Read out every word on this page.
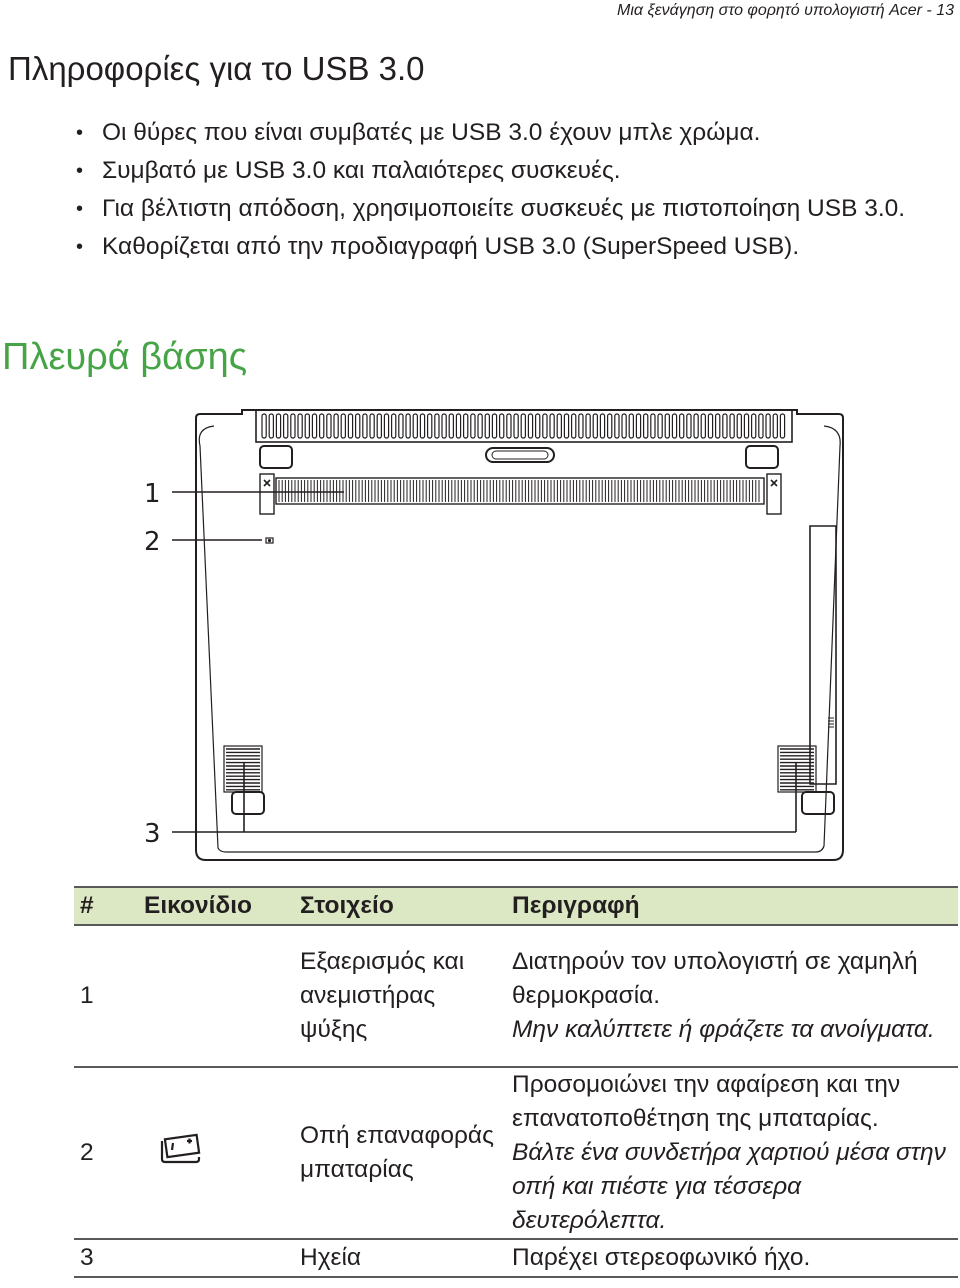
Μια ξενάγηση στο φορητό υπολογιστή Acer - 13
Πληροφορίες για το USB 3.0
• Οι θύρες που είναι συμβατές με USB 3.0 έχουν μπλε χρώμα.
• Συμβατό με USB 3.0 και παλαιότερες συσκευές.
• Για βέλτιστη απόδοση, χρησιμοποιείτε συσκευές με πιστοποίηση USB 3.0.
• Καθορίζεται από την προδιαγραφή USB 3.0 (SuperSpeed USB).
Πλευρά βάσης
1
2
3
#	Εικονίδιο	Στοιχείο	Περιγραφή
1		Εξαερισμός και ανεμιστήρας ψύξης	Διατηρούν τον υπολογιστή σε χαμηλή θερμοκρασία.
Μην καλύπτετε ή φράζετε τα ανοίγματα.

2		Οπή επαναφοράς μπαταρίας	Προσομοιώνει την αφαίρεση και την επανατοποθέτηση της μπαταρίας.
Βάλτε ένα συνδετήρα χαρτιού μέσα στην οπή και πιέστε για τέσσερα δευτερόλεπτα.

3		Ηχεία	Παρέχει στερεοφωνικό ήχο.
